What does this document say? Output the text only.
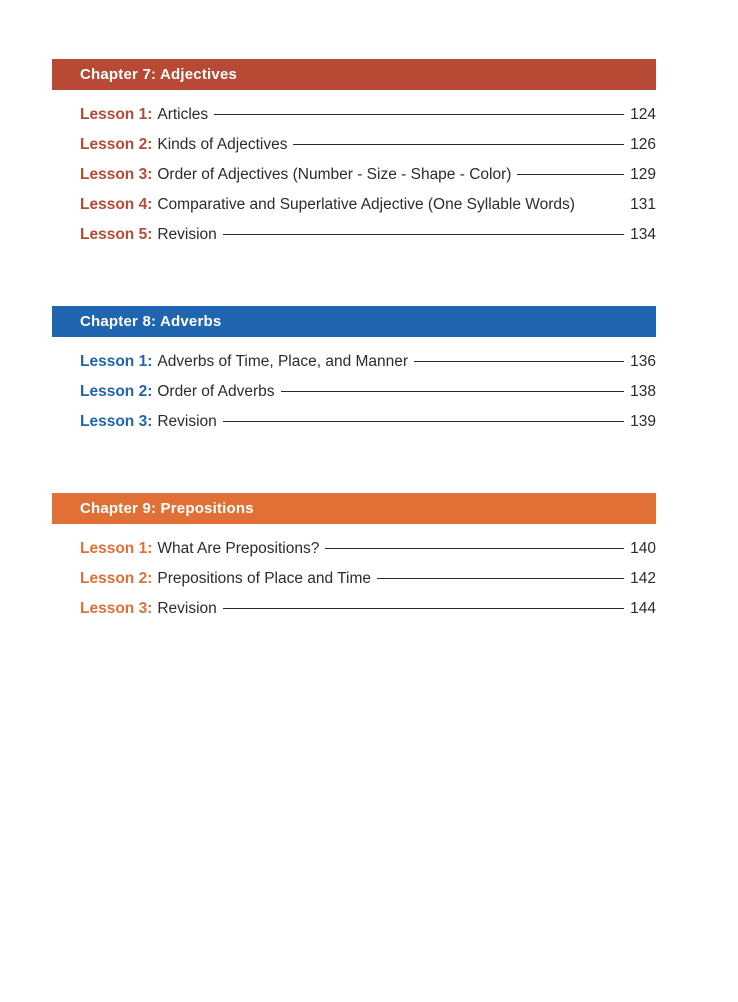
Chapter 7: Adjectives
Lesson 1: Articles	124
Lesson 2: Kinds of Adjectives	126
Lesson 3: Order of Adjectives (Number - Size - Shape - Color)	129
Lesson 4: Comparative and Superlative Adjective (One Syllable Words)	131
Lesson 5: Revision	134
Chapter 8: Adverbs
Lesson 1: Adverbs of Time, Place, and Manner	136
Lesson 2: Order of Adverbs	138
Lesson 3: Revision	139
Chapter 9: Prepositions
Lesson 1: What Are Prepositions?	140
Lesson 2: Prepositions of Place and Time	142
Lesson 3: Revision	144
